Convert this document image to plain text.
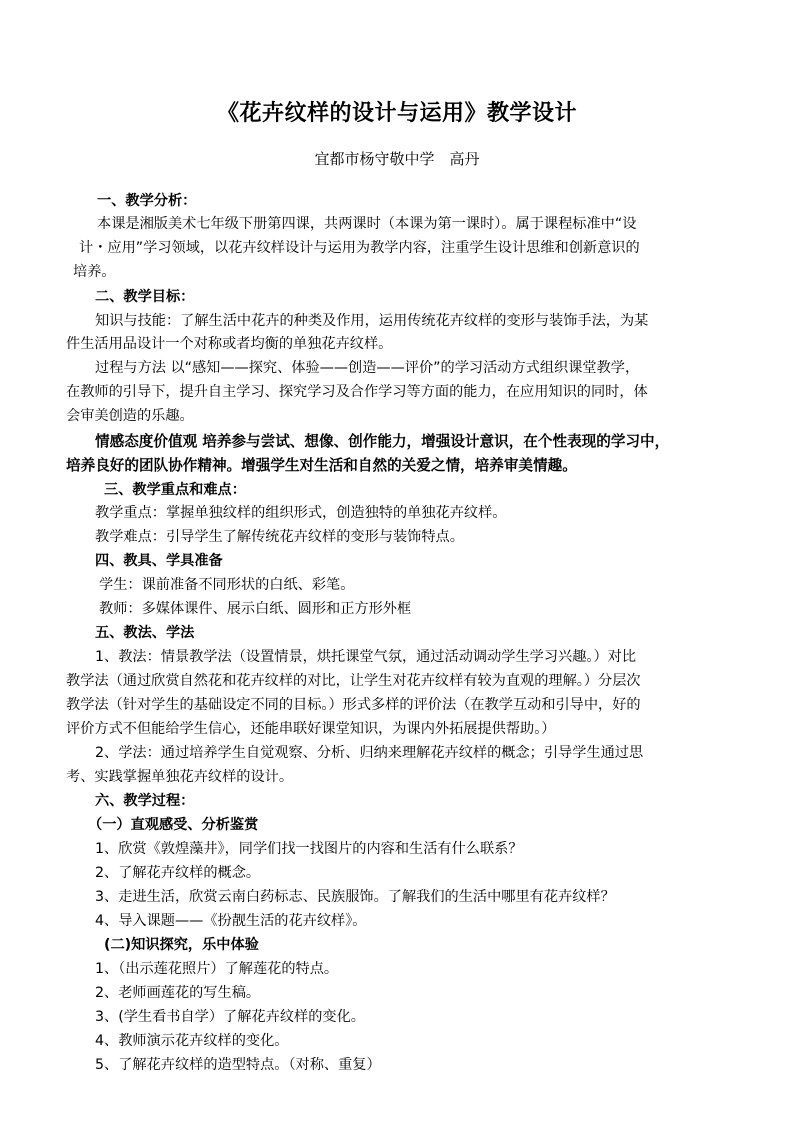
《花卉纹样的设计与运用》教学设计
宜都市杨守敬中学　高丹
一、教学分析：
本课是湘版美术七年级下册第四课，共两课时（本课为第一课时）。属于课程标准中“设
计・应用”学习领域，以花卉纹样设计与运用为教学内容，注重学生设计思维和创新意识的
培养。
二、教学目标：
知识与技能：了解生活中花卉的种类及作用，运用传统花卉纹样的变形与装饰手法，为某
件生活用品设计一个对称或者均衡的单独花卉纹样。
过程与方法 以“感知——探究、体验——创造——评价”的学习活动方式组织课堂教学，
在教师的引导下，提升自主学习、探究学习及合作学习等方面的能力，在应用知识的同时，体
会审美创造的乐趣。
情感态度价值观 培养参与尝试、想像、创作能力，增强设计意识，在个性表现的学习中，
培养良好的团队协作精神。增强学生对生活和自然的关爱之情，培养审美情趣。
三、教学重点和难点：
教学重点：掌握单独纹样的组织形式，创造独特的单独花卉纹样。
教学难点：引导学生了解传统花卉纹样的变形与装饰特点。
四、教具、学具准备
学生：课前准备不同形状的白纸、彩笔。
教师：多媒体课件、展示白纸、圆形和正方形外框
五、教法、学法
1、教法：情景教学法（设置情景，烘托课堂气氛，通过活动调动学生学习兴趣。）对比
教学法（通过欣赏自然花和花卉纹样的对比，让学生对花卉纹样有较为直观的理解。）分层次
教学法（针对学生的基础设定不同的目标。）形式多样的评价法（在教学互动和引导中，好的
评价方式不但能给学生信心，还能串联好课堂知识，为课内外拓展提供帮助。）
2、学法：通过培养学生自觉观察、分析、归纳来理解花卉纹样的概念；引导学生通过思
考、实践掌握单独花卉纹样的设计。
六、教学过程：
（一）直观感受、分析鉴赏
1、欣赏《敦煌藻井》，同学们找一找图片的内容和生活有什么联系？
2、了解花卉纹样的概念。
3、走进生活，欣赏云南白药标志、民族服饰。了解我们的生活中哪里有花卉纹样？
4、导入课题——《扮靓生活的花卉纹样》。
(二)知识探究，乐中体验
1、（出示莲花照片）了解莲花的特点。
2、老师画莲花的写生稿。
3、(学生看书自学）了解花卉纹样的变化。
4、教师演示花卉纹样的变化。
5、了解花卉纹样的造型特点。（对称、重复）
